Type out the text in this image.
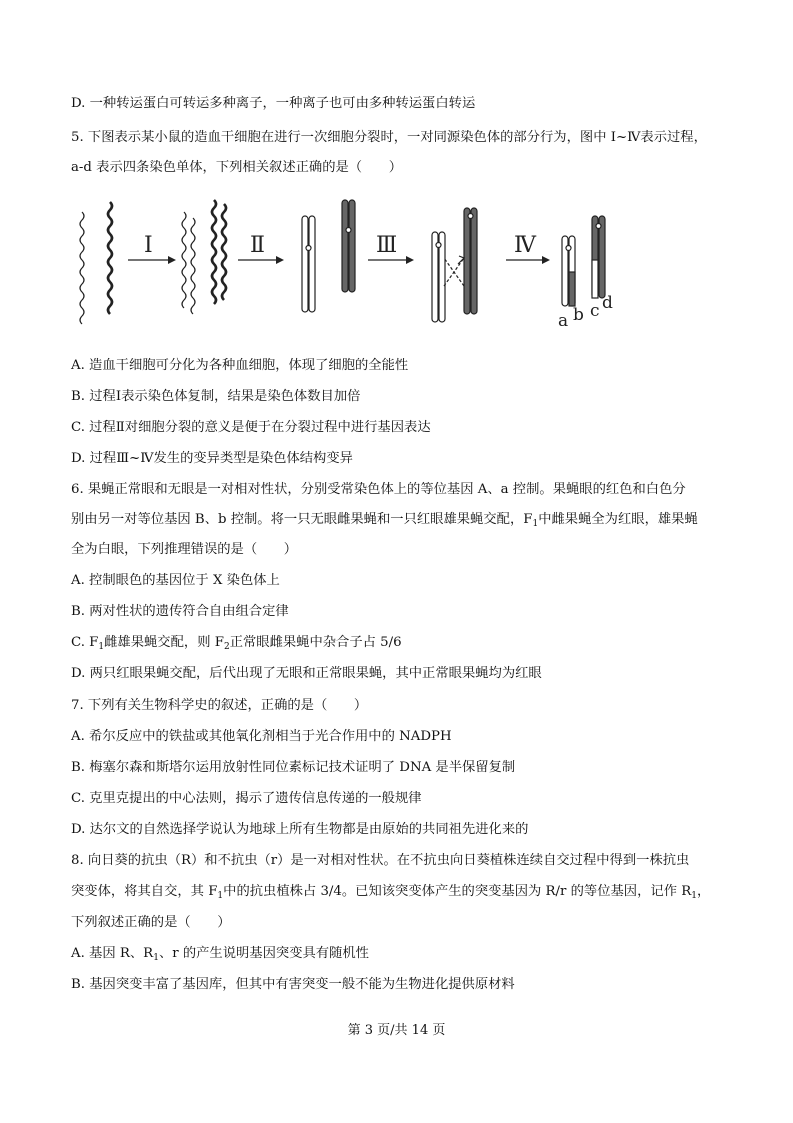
D. 一种转运蛋白可转运多种离子，一种离子也可由多种转运蛋白转运

5. 下图表示某小鼠的造血干细胞在进行一次细胞分裂时，一对同源染色体的部分行为，图中 Ⅰ~Ⅳ表示过程，

a-d 表示四条染色单体，下列相关叙述正确的是（　　）

Ⅰ	Ⅱ	Ⅲ	Ⅳ
a b c d

A. 造血干细胞可分化为各种血细胞，体现了细胞的全能性

B. 过程Ⅰ表示染色体复制，结果是染色体数目加倍

C. 过程Ⅱ对细胞分裂的意义是便于在分裂过程中进行基因表达

D. 过程Ⅲ~Ⅳ发生的变异类型是染色体结构变异

6. 果蝇正常眼和无眼是一对相对性状，分别受常染色体上的等位基因 A、a 控制。果蝇眼的红色和白色分

别由另一对等位基因 B、b 控制。将一只无眼雌果蝇和一只红眼雄果蝇交配，$F_1$中雌果蝇全为红眼，雄果蝇

全为白眼，下列推理错误的是（　　）

A. 控制眼色的基因位于 X 染色体上

B. 两对性状的遗传符合自由组合定律

C. $F_1$雌雄果蝇交配，则 $F_2$正常眼雌果蝇中杂合子占 5/6

D. 两只红眼果蝇交配，后代出现了无眼和正常眼果蝇，其中正常眼果蝇均为红眼

7. 下列有关生物科学史的叙述，正确的是（　　）

A. 希尔反应中的铁盐或其他氧化剂相当于光合作用中的 NADPH

B. 梅塞尔森和斯塔尔运用放射性同位素标记技术证明了 DNA 是半保留复制

C. 克里克提出的中心法则，揭示了遗传信息传递的一般规律

D. 达尔文的自然选择学说认为地球上所有生物都是由原始的共同祖先进化来的

8. 向日葵的抗虫（R）和不抗虫（r）是一对相对性状。在不抗虫向日葵植株连续自交过程中得到一株抗虫

突变体，将其自交，其 $F_1$中的抗虫植株占 3/4。已知该突变体产生的突变基因为 R/r 的等位基因，记作 $R_1$，

下列叙述正确的是（　　）

A. 基因 R、$R_1$、r 的产生说明基因突变具有随机性

B. 基因突变丰富了基因库，但其中有害突变一般不能为生物进化提供原材料

第 3 页/共 14 页
